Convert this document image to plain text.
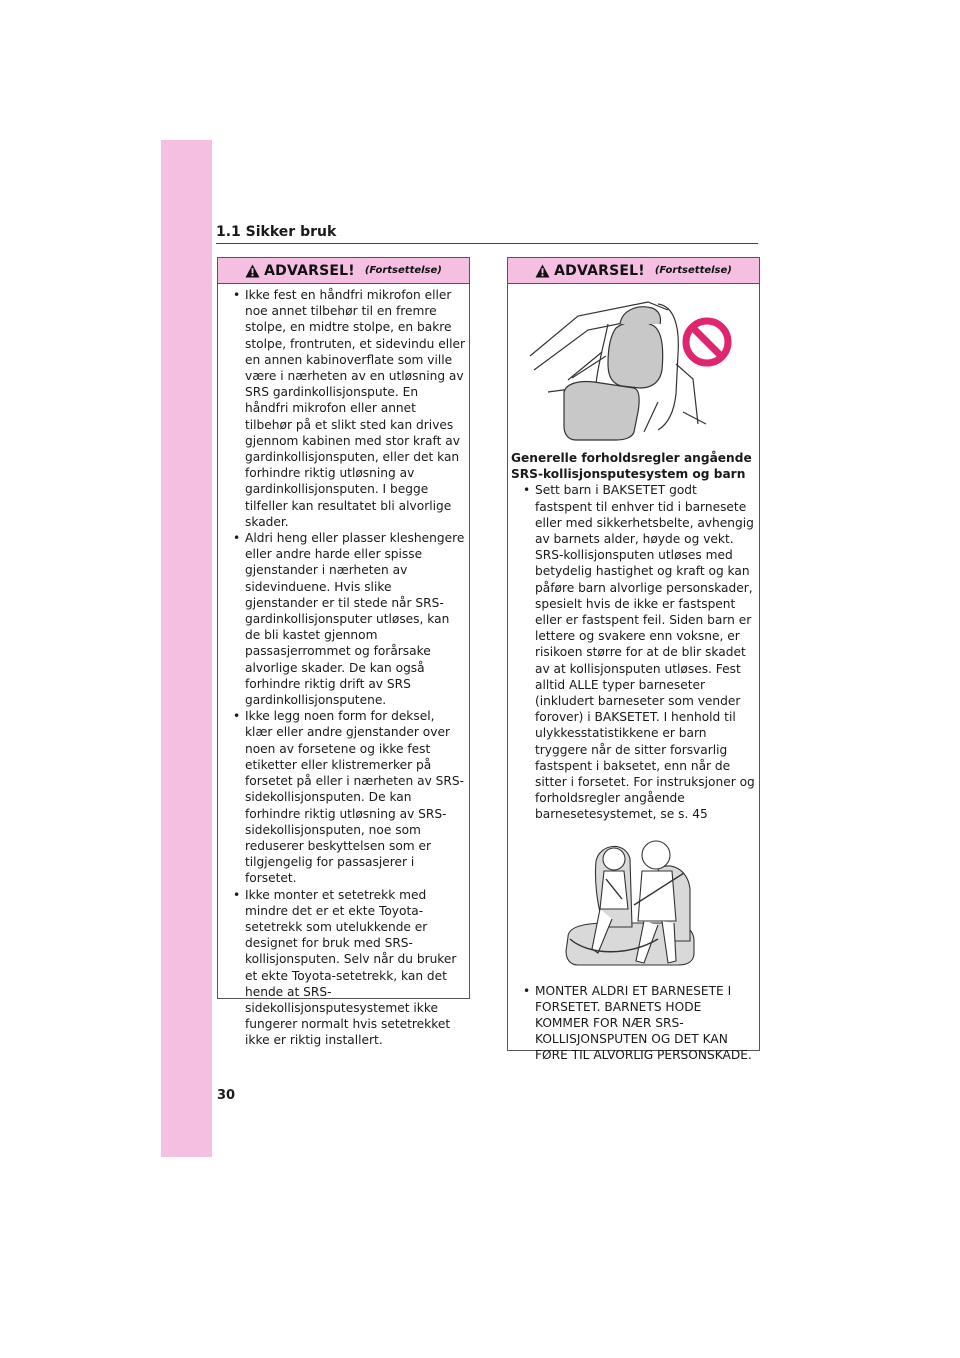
1.1 Sikker bruk
ADVARSEL! (Fortsettelse)
• Ikke fest en håndfri mikrofon eller noe annet tilbehør til en fremre stolpe, en midtre stolpe, en bakre stolpe, frontruten, et sidevindu eller en annen kabinoverflate som ville være i nærheten av en utløsning av SRS gardinkollisjonspute. En håndfri mikrofon eller annet tilbehør på et slikt sted kan drives gjennom kabinen med stor kraft av gardinkollisjonsputen, eller det kan forhindre riktig utløsning av gardinkollisjonsputen. I begge tilfeller kan resultatet bli alvorlige skader.
• Aldri heng eller plasser kleshengere eller andre harde eller spisse gjenstander i nærheten av sidevinduene. Hvis slike gjenstander er til stede når SRS-gardinkollisjonsputer utløses, kan de bli kastet gjennom passasjerrommet og forårsake alvorlige skader. De kan også forhindre riktig drift av SRS gardinkollisjonsputene.
• Ikke legg noen form for deksel, klær eller andre gjenstander over noen av forsetene og ikke fest etiketter eller klistremerker på forsetet på eller i nærheten av SRS-sidekollisjonsputen. De kan forhindre riktig utløsning av SRS-sidekollisjonsputen, noe som reduserer beskyttelsen som er tilgjengelig for passasjerer i forsetet.
• Ikke monter et setetrekk med mindre det er et ekte Toyota-setetrekk som utelukkende er designet for bruk med SRS-kollisjonsputen. Selv når du bruker et ekte Toyota-setetrekk, kan det hende at SRS-sidekollisjonsputesystemet ikke fungerer normalt hvis setetrekket ikke er riktig installert.
ADVARSEL! (Fortsettelse)
Generelle forholdsregler angående SRS-kollisjonsputesystem og barn
• Sett barn i BAKSETET godt fastspent til enhver tid i barnesete eller med sikkerhetsbelte, avhengig av barnets alder, høyde og vekt. SRS-kollisjonsputen utløses med betydelig hastighet og kraft og kan påføre barn alvorlige personskader, spesielt hvis de ikke er fastspent eller er fastspent feil. Siden barn er lettere og svakere enn voksne, er risikoen større for at de blir skadet av at kollisjonsputen utløses. Fest alltid ALLE typer barneseter (inkludert barneseter som vender forover) i BAKSETET. I henhold til ulykkesstatistikkene er barn tryggere når de sitter forsvarlig fastspent i baksetet, enn når de sitter i forsetet. For instruksjoner og forholdsregler angående barnesetesystemet, se s. 45
• MONTER ALDRI ET BARNESETE I FORSETET. BARNETS HODE KOMMER FOR NÆR SRS-KOLLISJONSPUTEN OG DET KAN FØRE TIL ALVORLIG PERSONSKADE.
30
